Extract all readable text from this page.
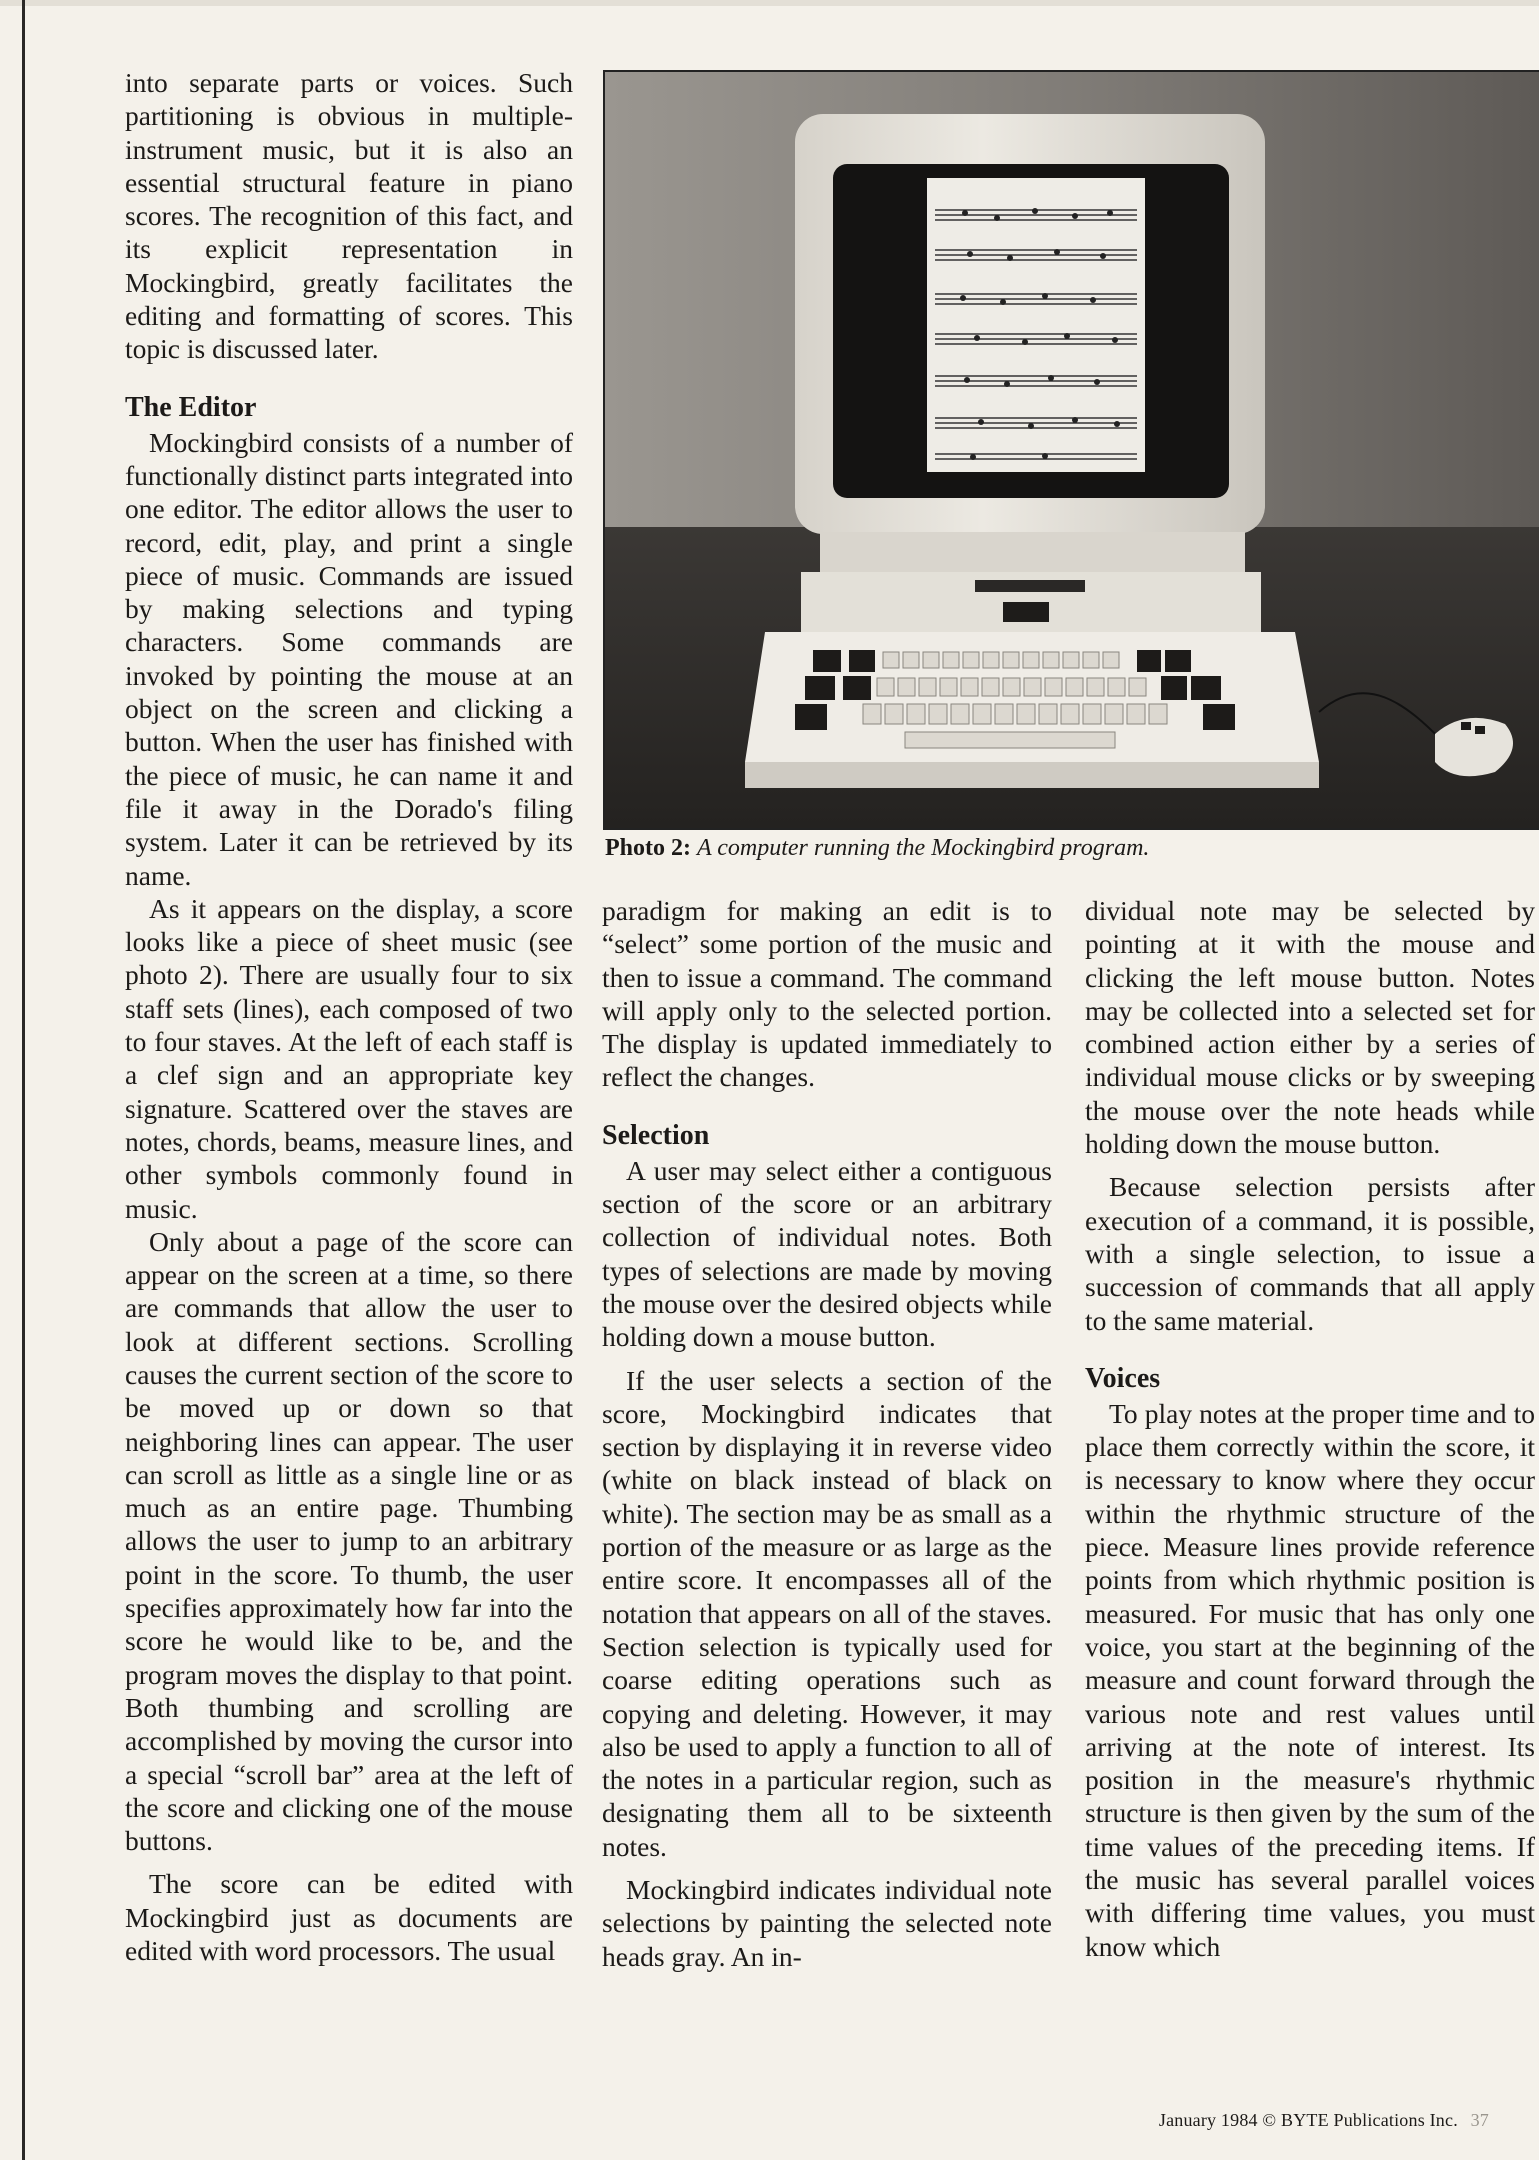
into separate parts or voices. Such partitioning is obvious in multiple-instrument music, but it is also an essential structural feature in piano scores. The recognition of this fact, and its explicit representation in Mockingbird, greatly facilitates the editing and formatting of scores. This topic is discussed later.

The Editor

Mockingbird consists of a number of functionally distinct parts integrated into one editor. The editor allows the user to record, edit, play, and print a single piece of music. Commands are issued by making selections and typing characters. Some commands are invoked by pointing the mouse at an object on the screen and clicking a button. When the user has finished with the piece of music, he can name it and file it away in the Dorado's filing system. Later it can be retrieved by its name.

As it appears on the display, a score looks like a piece of sheet music (see photo 2). There are usually four to six staff sets (lines), each composed of two to four staves. At the left of each staff is a clef sign and an appropriate key signature. Scattered over the staves are notes, chords, beams, measure lines, and other symbols commonly found in music.

Only about a page of the score can appear on the screen at a time, so there are commands that allow the user to look at different sections. Scrolling causes the current section of the score to be moved up or down so that neighboring lines can appear. The user can scroll as little as a single line or as much as an entire page. Thumbing allows the user to jump to an arbitrary point in the score. To thumb, the user specifies approximately how far into the score he would like to be, and the program moves the display to that point. Both thumbing and scrolling are accomplished by moving the cursor into a special “scroll bar” area at the left of the score and clicking one of the mouse buttons.

The score can be edited with Mockingbird just as documents are edited with word processors. The usual

Photo 2: A computer running the Mockingbird program.

paradigm for making an edit is to “select” some portion of the music and then to issue a command. The command will apply only to the selected portion. The display is updated immediately to reflect the changes.

Selection

A user may select either a contiguous section of the score or an arbitrary collection of individual notes. Both types of selections are made by moving the mouse over the desired objects while holding down a mouse button.

If the user selects a section of the score, Mockingbird indicates that section by displaying it in reverse video (white on black instead of black on white). The section may be as small as a portion of the measure or as large as the entire score. It encompasses all of the notation that appears on all of the staves. Section selection is typically used for coarse editing operations such as copying and deleting. However, it may also be used to apply a function to all of the notes in a particular region, such as designating them all to be sixteenth notes.

Mockingbird indicates individual note selections by painting the selected note heads gray. An in-

dividual note may be selected by pointing at it with the mouse and clicking the left mouse button. Notes may be collected into a selected set for combined action either by a series of individual mouse clicks or by sweeping the mouse over the note heads while holding down the mouse button.

Because selection persists after execution of a command, it is possible, with a single selection, to issue a succession of commands that all apply to the same material.

Voices

To play notes at the proper time and to place them correctly within the score, it is necessary to know where they occur within the rhythmic structure of the piece. Measure lines provide reference points from which rhythmic position is measured. For music that has only one voice, you start at the beginning of the measure and count forward through the various note and rest values until arriving at the note of interest. Its position in the measure's rhythmic structure is then given by the sum of the time values of the preceding items. If the music has several parallel voices with differing time values, you must know which

January 1984 © BYTE Publications Inc. 37
